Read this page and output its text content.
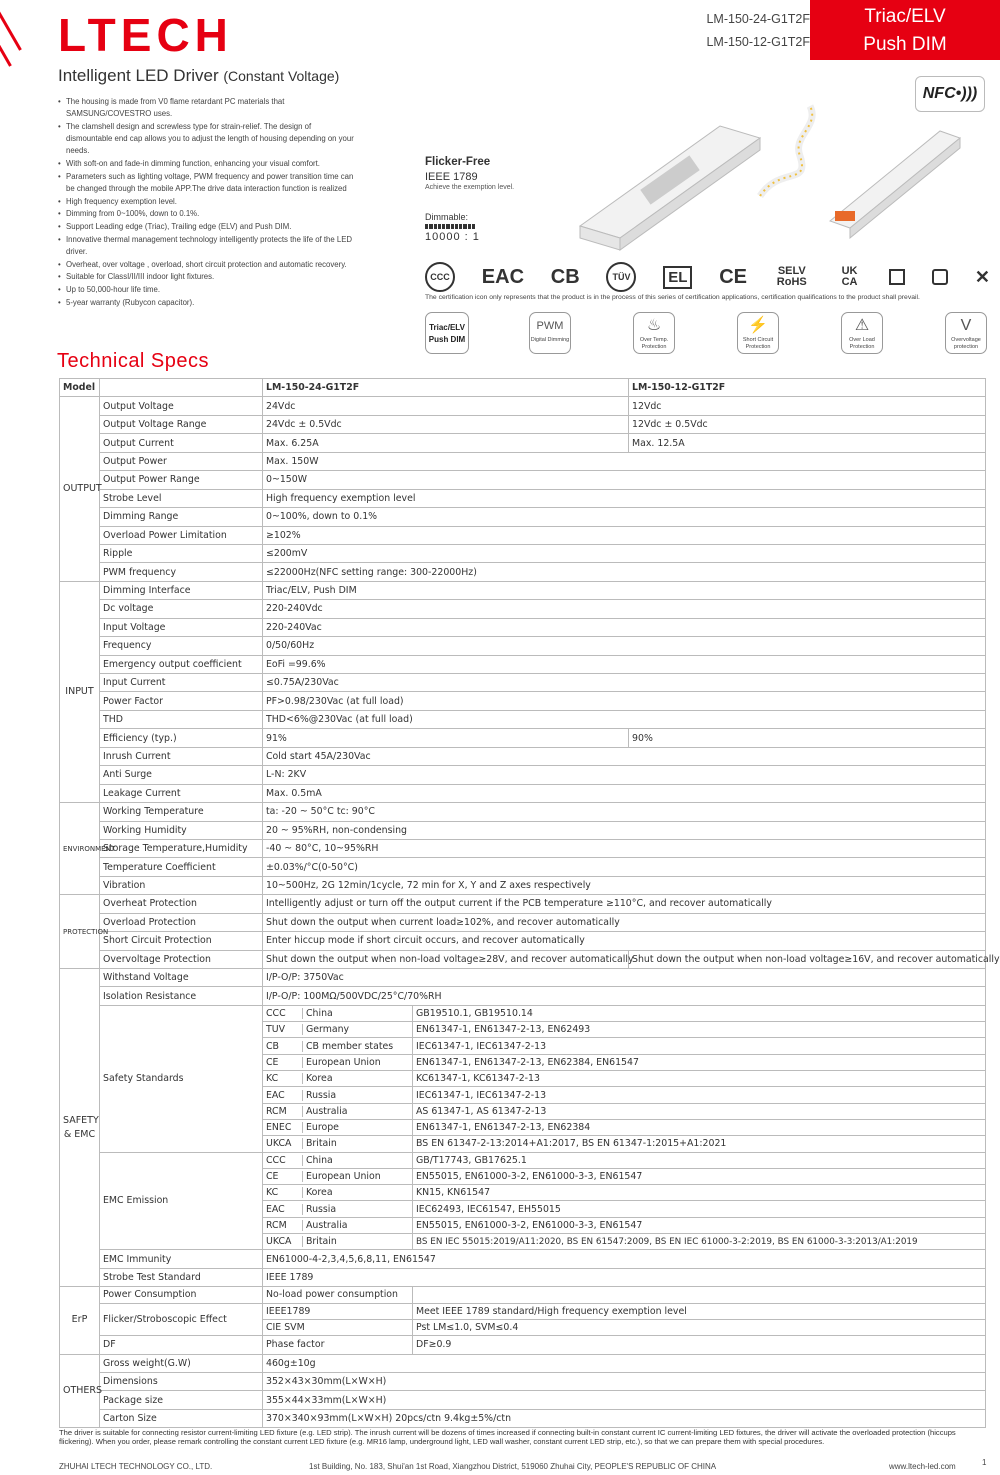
LTECH	LM-150-24-G1T2F
LM-150-12-G1T2F
Triac/ELV
Push DIM
Intelligent LED Driver (Constant Voltage)
• The housing is made from V0 flame retardant PC materials that SAMSUNG/COVESTRO uses.
• The clamshell design and screwless type for strain-relief. The design of dismountable end cap allows you to adjust the length of housing depending on your needs.
• With soft-on and fade-in dimming function, enhancing your visual comfort.
• Parameters such as lighting voltage, PWM frequency and power transition time can be changed through the mobile APP.The drive data interaction function is realized
• High frequency exemption level.
• Dimming from 0~100%, down to 0.1%.
• Support Leading edge (Triac), Trailing edge (ELV) and Push DIM.
• Innovative thermal management technology intelligently protects the life of the LED driver.
• Overheat, over voltage , overload, short circuit protection and automatic recovery.
• Suitable for ClassI/II/III indoor light fixtures.
• Up to 50,000-hour life time.
• 5-year warranty (Rubycon capacitor).
NFC•)))
Flicker-Free
IEEE 1789
Achieve the exemption level.
Dimmable:
10000 : 1
CCC EAC CB	TÜV	EL CE	SELV RoHS
UK CA	✕
The certification icon only represents that the product is in the process of this series of certification applications, certification qualifications to the product shall prevail.
Triac/ELV
Push DIM
PWM
Digital Dimming
♨
Over Temp. Protection
⚡
Short Circuit Protection
⚠
Over Load Protection
V
Overvoltage protection
Technical Specs
Model		LM-150-24-G1T2F		LM-150-12-G1T2F
OUTPUT	Output Voltage	24Vdc		12Vdc
	Output Voltage Range	24Vdc ± 0.5Vdc		12Vdc ± 0.5Vdc
	Output Current	Max. 6.25A		Max. 12.5A
	Output Power	Max. 150W		
	Output Power Range	0~150W		
	Strobe Level	High frequency exemption level		
	Dimming Range	0~100%, down to 0.1%		
	Overload Power Limitation	≥102%		
	Ripple	≤200mV		
	PWM frequency	≤22000Hz(NFC setting range: 300-22000Hz)		
INPUT	Dimming Interface	Triac/ELV, Push DIM		
	Dc voltage	220-240Vdc		
	Input Voltage	220-240Vac		
	Frequency	0/50/60Hz		
	Emergency output coefficient	EoFi =99.6%		
	Input Current	≤0.75A/230Vac		
	Power Factor	PF>0.98/230Vac (at full load)		
	THD	THD<6%@230Vac (at full load)		
	Efficiency (typ.)	91%		90%
	Inrush Current	Cold start 45A/230Vac		
	Anti Surge	L-N: 2KV		
	Leakage Current	Max. 0.5mA		
ENVIRONMENT	Working Temperature	ta: -20 ~ 50°C tc: 90°C		
	Working Humidity	20 ~ 95%RH, non-condensing		
	Storage Temperature,Humidity	-40 ~ 80°C, 10~95%RH		
	Temperature Coefficient	±0.03%/°C(0-50°C)		
	Vibration	10~500Hz, 2G 12min/1cycle, 72 min for X, Y and Z axes respectively		
PROTECTION	Overheat Protection	Intelligently adjust or turn off the output current if the PCB temperature ≥110°C, and recover automatically		
	Overload Protection	Shut down the output when current load≥102%, and recover automatically		
	Short Circuit Protection	Enter hiccup mode if short circuit occurs, and recover automatically		
	Overvoltage Protection	Shut down the output when non-load voltage≥28V, and recover automatically		Shut down the output when non-load voltage≥16V, and recover automatically
SAFETY & EMC	Withstand Voltage	I/P-O/P: 3750Vac		
	Isolation Resistance	I/P-O/P: 100MΩ/500VDC/25°C/70%RH		
	Safety Standards	CCC China	GB19510.1, GB19510.14	
		TUV Germany	EN61347-1, EN61347-2-13, EN62493	
		CB CB member states	IEC61347-1, IEC61347-2-13	
		CE European Union	EN61347-1, EN61347-2-13, EN62384, EN61547	
		KC Korea	KC61347-1, KC61347-2-13	
		EAC Russia	IEC61347-1, IEC61347-2-13	
		RCM Australia	AS 61347-1, AS 61347-2-13	
		ENEC Europe	EN61347-1, EN61347-2-13, EN62384	
		UKCA Britain	BS EN 61347-2-13:2014+A1:2017, BS EN 61347-1:2015+A1:2021	
	EMC Emission	CCC China	GB/T17743, GB17625.1	
		CE European Union	EN55015, EN61000-3-2, EN61000-3-3, EN61547	
		KC Korea	KN15, KN61547	
		EAC Russia	IEC62493, IEC61547, EH55015	
		RCM Australia	EN55015, EN61000-3-2, EN61000-3-3, EN61547	
		UKCA Britain	BS EN IEC 55015:2019/A11:2020, BS EN 61547:2009, BS EN IEC 61000-3-2:2019, BS EN 61000-3-3:2013/A1:2019	
	EMC Immunity	EN61000-4-2,3,4,5,6,8,11, EN61547		
	Strobe Test Standard	IEEE 1789		
ErP	Power Consumption	No-load power consumption		
	Flicker/Stroboscopic Effect	IEEE1789	Meet IEEE 1789 standard/High frequency exemption level	
		CIE SVM	Pst LM≤1.0, SVM≤0.4	
	DF	Phase factor	DF≥0.9	
OTHERS	Gross weight(G.W)	460g±10g		
	Dimensions	352×43×30mm(L×W×H)		
	Package size	355×44×33mm(L×W×H)		
	Carton Size	370×340×93mm(L×W×H) 20pcs/ctn 9.4kg±5%/ctn		
The driver is suitable for connecting resistor current-limiting LED fixture (e.g. LED strip). The inrush current will be dozens of times increased if connecting built-in constant current IC current-limiting LED fixtures, the driver will activate the overloaded protection (hiccups flickering). When you order, please remark controlling the constant current LED fixture (e.g. MR16 lamp, underground light, LED wall washer, constant current LED strip, etc.), so that we can prepare them with special procedures.
ZHUHAI LTECH TECHNOLOGY CO., LTD.	1st Building, No. 183, Shui'an 1st Road, Xiangzhou District, 519060 Zhuhai City, PEOPLE'S REPUBLIC OF CHINA	www.ltech-led.com	1
